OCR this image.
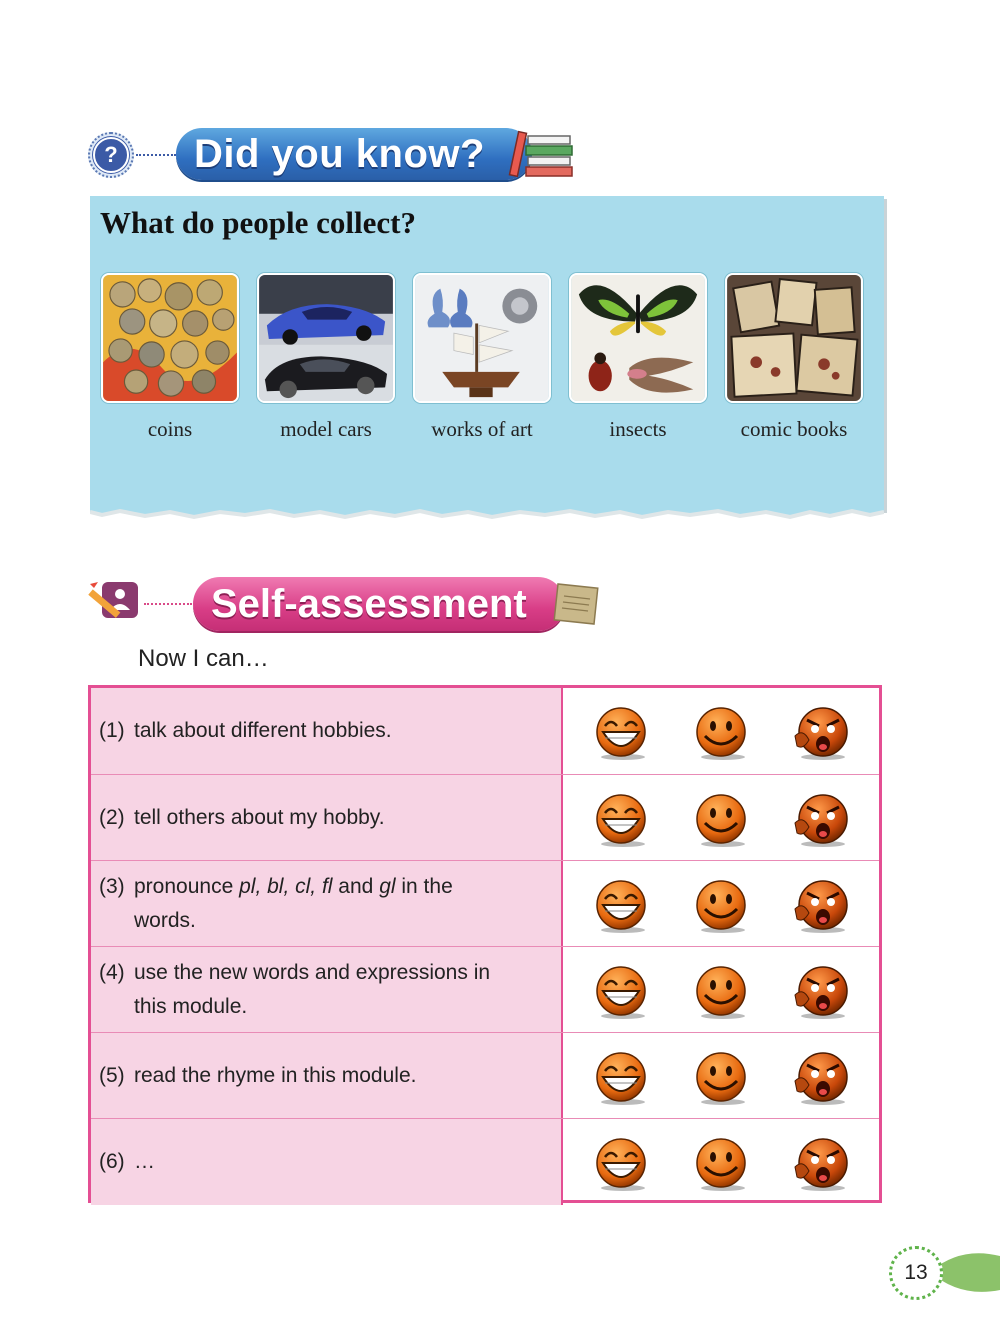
? Did you know?
What do people collect?
coins	model cars	works of art	insects	comic books
Self-assessment
Now I can…
(1) talk about different hobbies.
(2) tell others about my hobby.
(3) pronounce pl, bl, cl, fl and gl in the
words.
(4) use the new words and expressions in
this module.
(5) read the rhyme in this module.
(6) …
13
